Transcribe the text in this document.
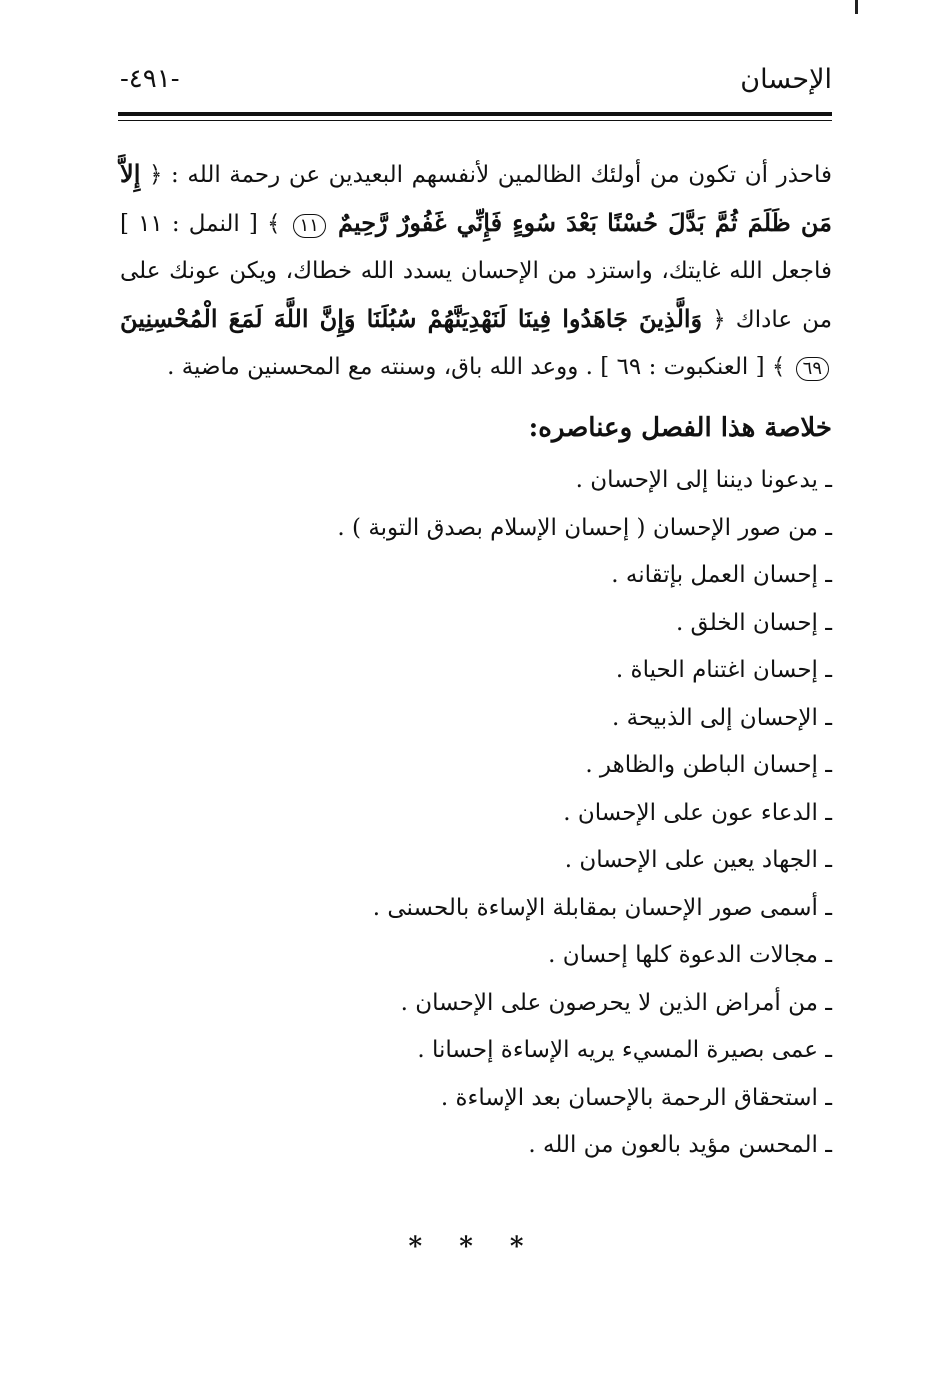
الإحسان
-٤٩١-

فاحذر أن تكون من أولئك الظالمين لأنفسهم البعيدين عن رحمة الله : ﴿ إِلاَّ مَن ظَلَمَ ثُمَّ بَدَّلَ حُسْنًا بَعْدَ سُوءٍ فَإِنِّي غَفُورٌ رَّحِيمٌ ١١ ﴾ [ النمل : ١١ ] فاجعل الله غايتك، واستزد من الإحسان يسدد الله خطاك، ويكن عونك على من عاداك ﴿ وَالَّذِينَ جَاهَدُوا فِينَا لَنَهْدِيَنَّهُمْ سُبُلَنَا وَإِنَّ اللَّهَ لَمَعَ الْمُحْسِنِينَ ٦٩ ﴾ [ العنكبوت : ٦٩ ] . ووعد الله باق، وسنته مع المحسنين ماضية .

خلاصة هذا الفصل وعناصره:
ـ يدعونا ديننا إلى الإحسان .
ـ من صور الإحسان ( إحسان الإسلام بصدق التوبة ) .
ـ إحسان العمل بإتقانه .
ـ إحسان الخلق .
ـ إحسان اغتنام الحياة .
ـ الإحسان إلى الذبيحة .
ـ إحسان الباطن والظاهر .
ـ الدعاء عون على الإحسان .
ـ الجهاد يعين على الإحسان .
ـ أسمى صور الإحسان بمقابلة الإساءة بالحسنى .
ـ مجالات الدعوة كلها إحسان .
ـ من أمراض الذين لا يحرصون على الإحسان .
ـ عمى بصيرة المسيء يريه الإساءة إحسانا .
ـ استحقاق الرحمة بالإحسان بعد الإساءة .
ـ المحسن مؤيد بالعون من الله .
* * *
